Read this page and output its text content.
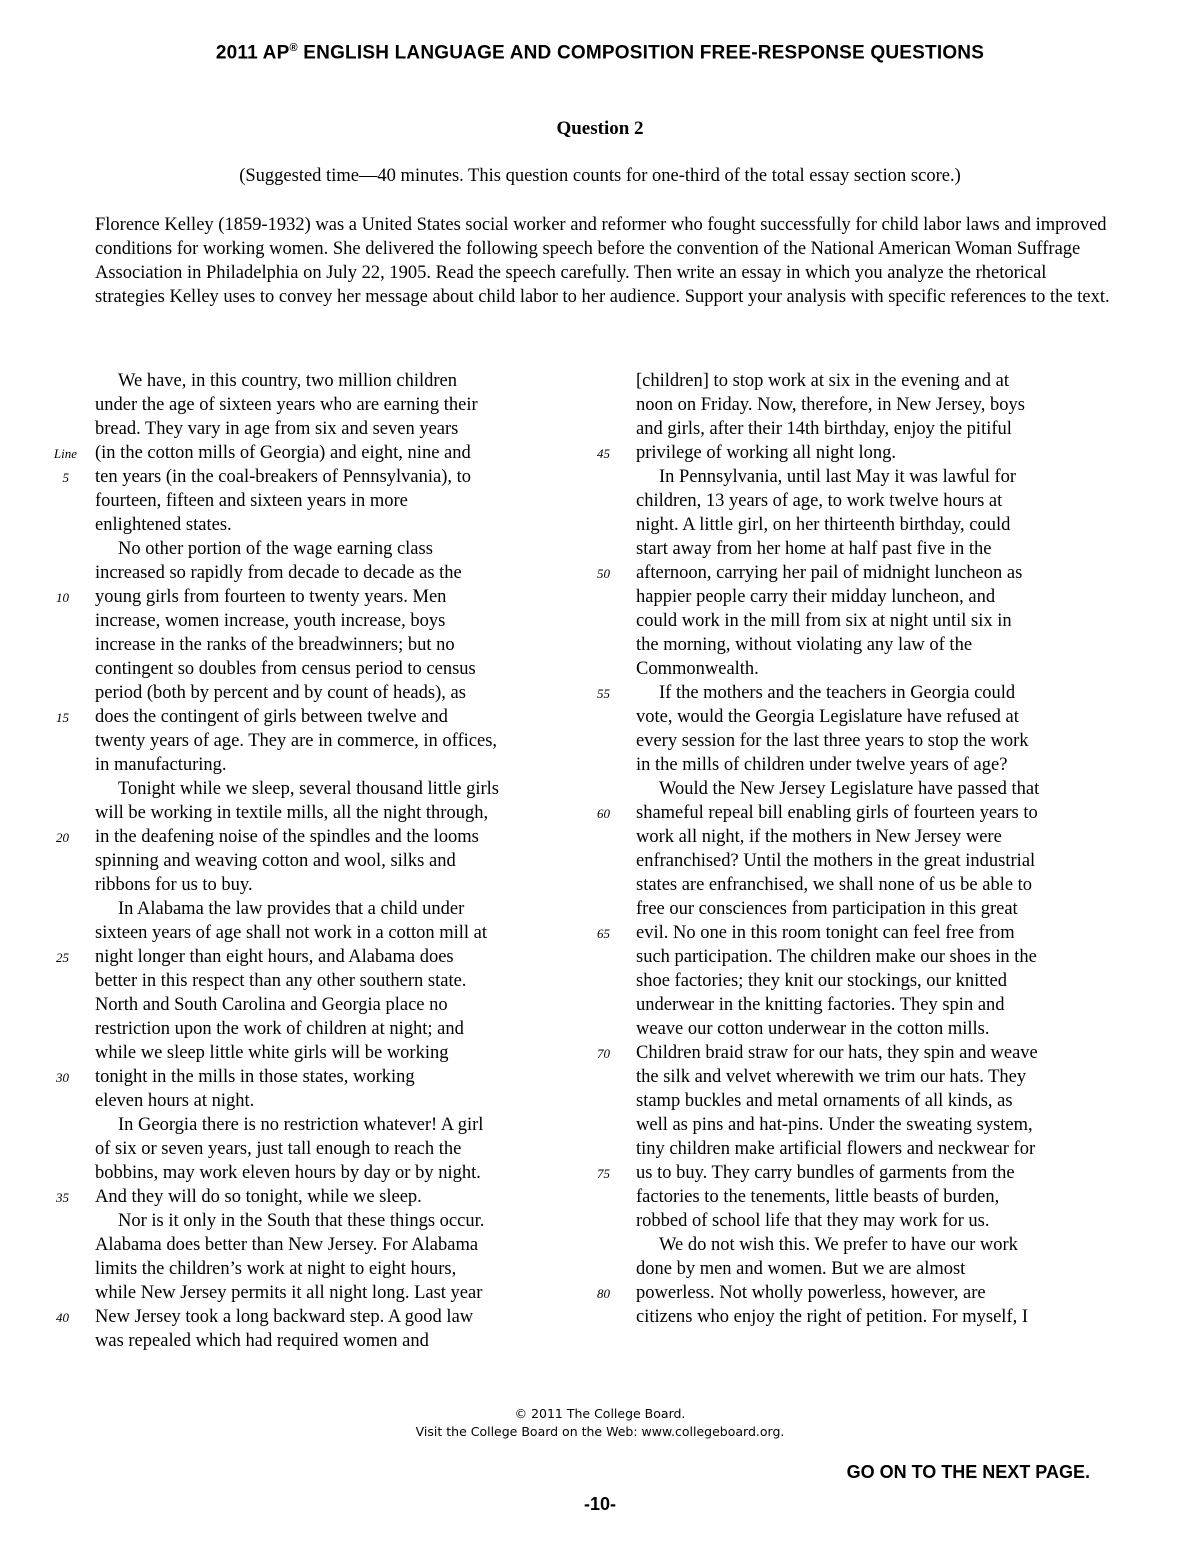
2011 AP® ENGLISH LANGUAGE AND COMPOSITION FREE-RESPONSE QUESTIONS
Question 2
(Suggested time—40 minutes. This question counts for one-third of the total essay section score.)
Florence Kelley (1859-1932) was a United States social worker and reformer who fought successfully for child labor laws and improved conditions for working women. She delivered the following speech before the convention of the National American Woman Suffrage Association in Philadelphia on July 22, 1905. Read the speech carefully. Then write an essay in which you analyze the rhetorical strategies Kelley uses to convey her message about child labor to her audience. Support your analysis with specific references to the text.
We have, in this country, two million children
under the age of sixteen years who are earning their
bread. They vary in age from six and seven years
Line (in the cotton mills of Georgia) and eight, nine and
5 ten years (in the coal-breakers of Pennsylvania), to
fourteen, fifteen and sixteen years in more
enlightened states.
No other portion of the wage earning class
increased so rapidly from decade to decade as the
10 young girls from fourteen to twenty years. Men
increase, women increase, youth increase, boys
increase in the ranks of the breadwinners; but no
contingent so doubles from census period to census
period (both by percent and by count of heads), as
15 does the contingent of girls between twelve and
twenty years of age. They are in commerce, in offices,
in manufacturing.
Tonight while we sleep, several thousand little girls
will be working in textile mills, all the night through,
20 in the deafening noise of the spindles and the looms
spinning and weaving cotton and wool, silks and
ribbons for us to buy.
In Alabama the law provides that a child under
sixteen years of age shall not work in a cotton mill at
25 night longer than eight hours, and Alabama does
better in this respect than any other southern state.
North and South Carolina and Georgia place no
restriction upon the work of children at night; and
while we sleep little white girls will be working
30 tonight in the mills in those states, working
eleven hours at night.
In Georgia there is no restriction whatever! A girl
of six or seven years, just tall enough to reach the
bobbins, may work eleven hours by day or by night.
35 And they will do so tonight, while we sleep.
Nor is it only in the South that these things occur.
Alabama does better than New Jersey. For Alabama
limits the children’s work at night to eight hours,
while New Jersey permits it all night long. Last year
40 New Jersey took a long backward step. A good law
was repealed which had required women and
[children] to stop work at six in the evening and at
noon on Friday. Now, therefore, in New Jersey, boys
and girls, after their 14th birthday, enjoy the pitiful
45 privilege of working all night long.
In Pennsylvania, until last May it was lawful for
children, 13 years of age, to work twelve hours at
night. A little girl, on her thirteenth birthday, could
start away from her home at half past five in the
50 afternoon, carrying her pail of midnight luncheon as
happier people carry their midday luncheon, and
could work in the mill from six at night until six in
the morning, without violating any law of the
Commonwealth.
55	If the mothers and the teachers in Georgia could
vote, would the Georgia Legislature have refused at
every session for the last three years to stop the work
in the mills of children under twelve years of age?
Would the New Jersey Legislature have passed that
60 shameful repeal bill enabling girls of fourteen years to
work all night, if the mothers in New Jersey were
enfranchised? Until the mothers in the great industrial
states are enfranchised, we shall none of us be able to
free our consciences from participation in this great
65 evil. No one in this room tonight can feel free from
such participation. The children make our shoes in the
shoe factories; they knit our stockings, our knitted
underwear in the knitting factories. They spin and
weave our cotton underwear in the cotton mills.
70 Children braid straw for our hats, they spin and weave
the silk and velvet wherewith we trim our hats. They
stamp buckles and metal ornaments of all kinds, as
well as pins and hat-pins. Under the sweating system,
tiny children make artificial flowers and neckwear for
75 us to buy. They carry bundles of garments from the
factories to the tenements, little beasts of burden,
robbed of school life that they may work for us.
We do not wish this. We prefer to have our work
done by men and women. But we are almost
80 powerless. Not wholly powerless, however, are
citizens who enjoy the right of petition. For myself, I
© 2011 The College Board.
Visit the College Board on the Web: www.collegeboard.org.
GO ON TO THE NEXT PAGE.
-10-
